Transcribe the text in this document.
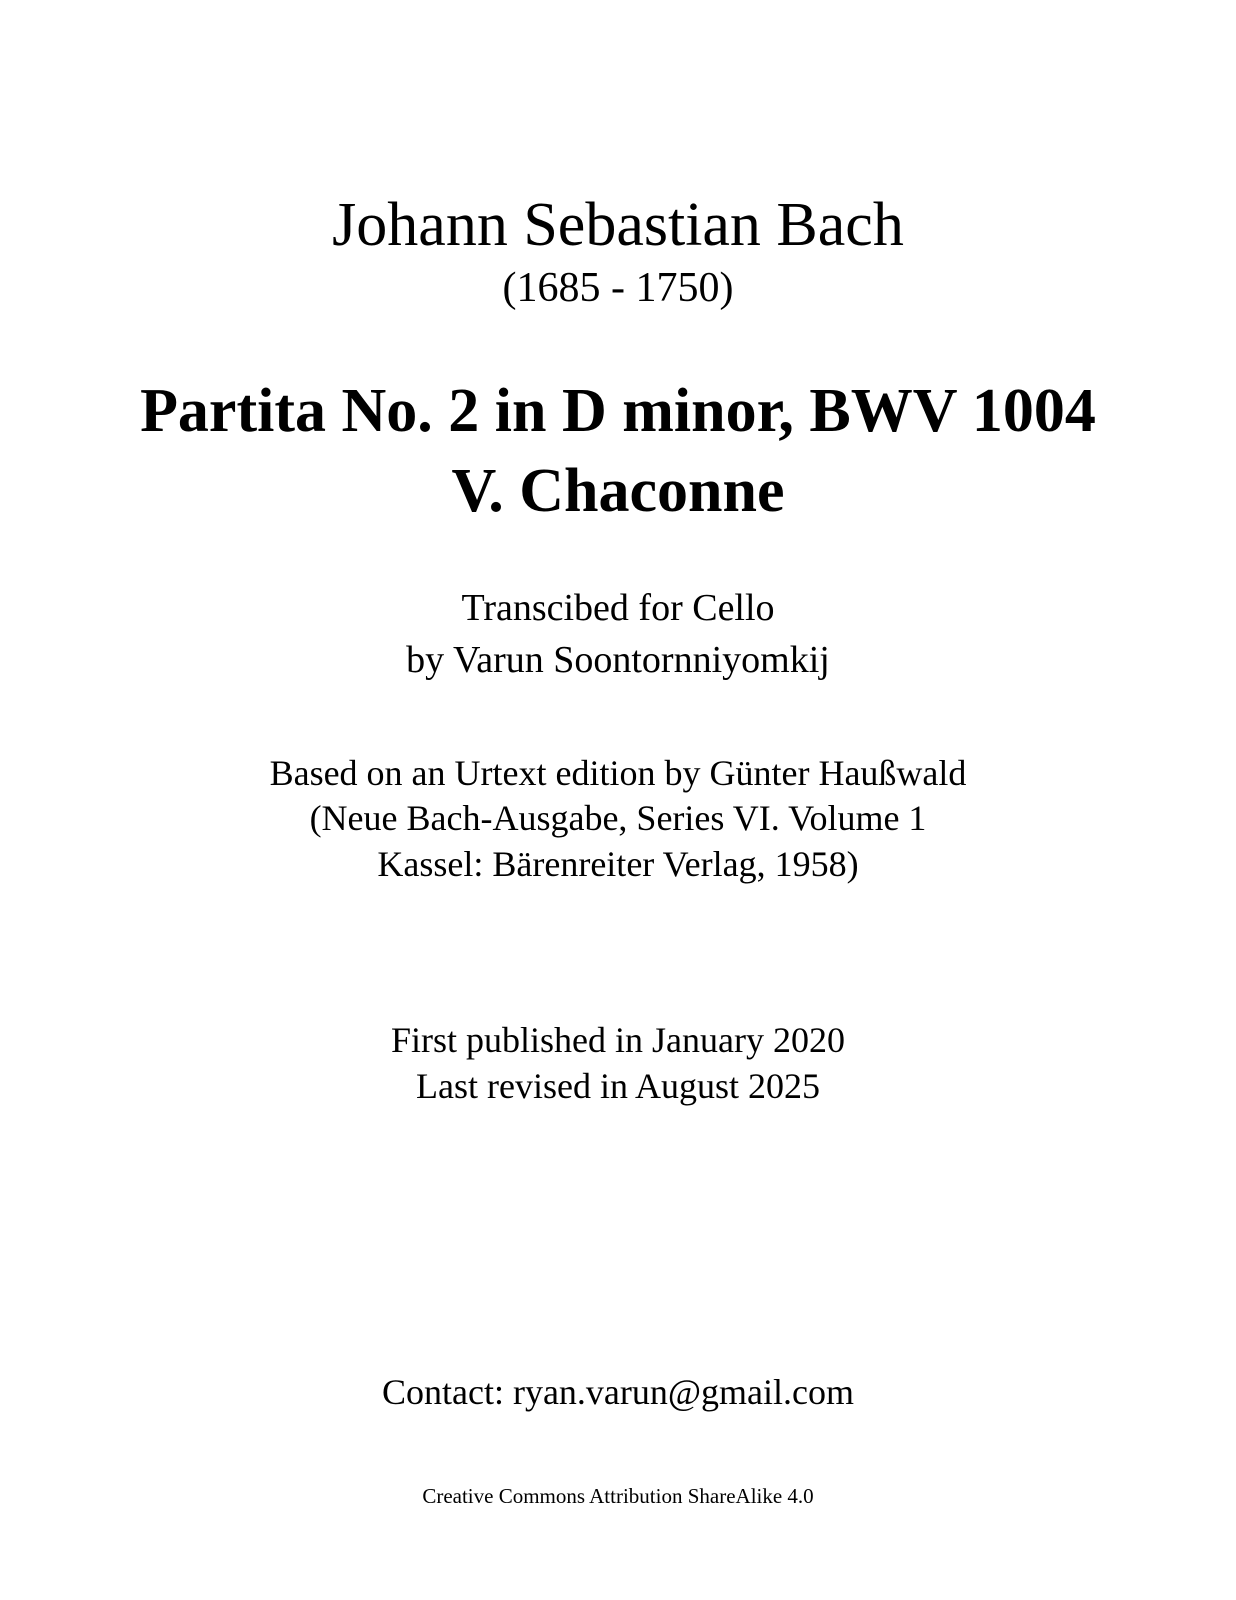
Johann Sebastian Bach
(1685 - 1750)
Partita No. 2 in D minor, BWV 1004
V. Chaconne
Transcibed for Cello
by Varun Soontornniyomkij
Based on an Urtext edition by Günter Haußwald
(Neue Bach-Ausgabe, Series VI. Volume 1
Kassel: Bärenreiter Verlag, 1958)
First published in January 2020
Last revised in August 2025
Contact: ryan.varun@gmail.com
Creative Commons Attribution ShareAlike 4.0
